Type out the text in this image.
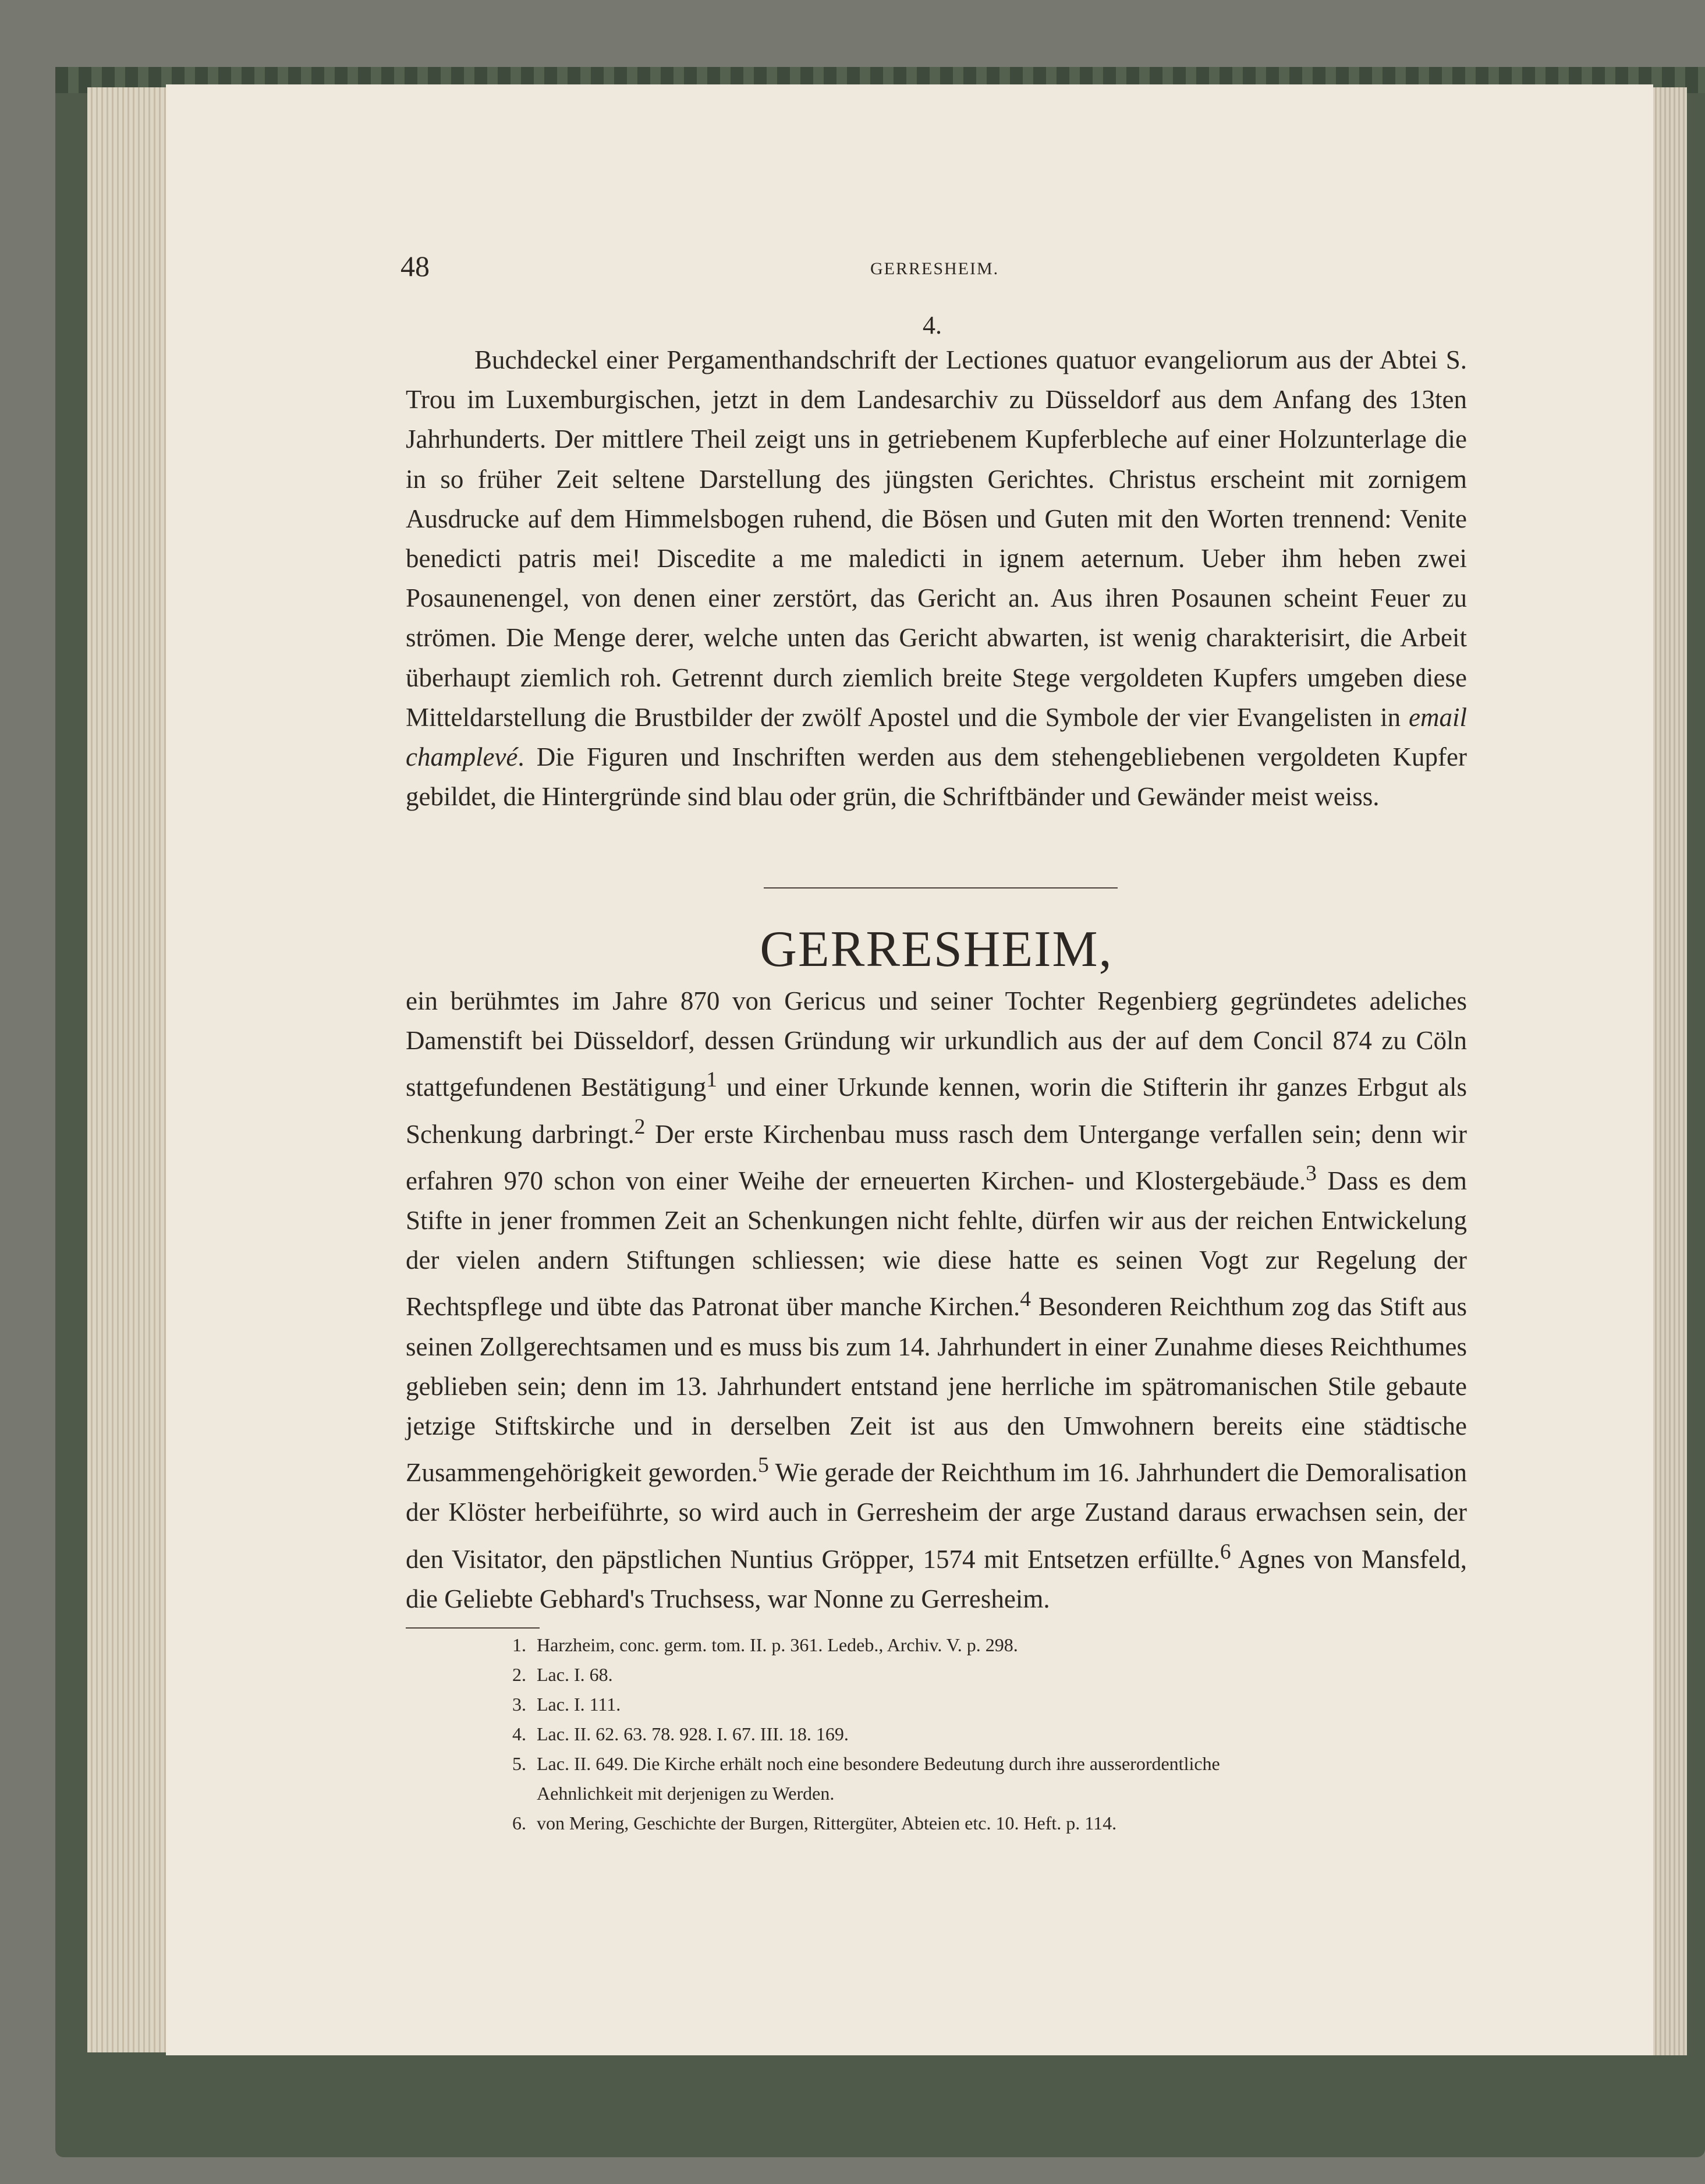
48	GERRESHEIM.
4.
Buchdeckel einer Pergamenthandschrift der Lectiones quatuor evangeliorum aus der Abtei S. Trou im Luxemburgischen, jetzt in dem Landesarchiv zu Düsseldorf aus dem Anfang des 13ten Jahrhunderts. Der mittlere Theil zeigt uns in getriebenem Kupferbleche auf einer Holzunterlage die in so früher Zeit seltene Darstellung des jüngsten Gerichtes. Christus erscheint mit zornigem Ausdrucke auf dem Himmelsbogen ruhend, die Bösen und Guten mit den Worten trennend: Venite benedicti patris mei! Discedite a me maledicti in ignem aeternum. Ueber ihm heben zwei Posaunenengel, von denen einer zerstört, das Gericht an. Aus ihren Posaunen scheint Feuer zu strömen. Die Menge derer, welche unten das Gericht abwarten, ist wenig charakterisirt, die Arbeit überhaupt ziemlich roh. Getrennt durch ziemlich breite Stege vergoldeten Kupfers umgeben diese Mitteldarstellung die Brustbilder der zwölf Apostel und die Symbole der vier Evangelisten in email champlevé. Die Figuren und Inschriften werden aus dem stehengebliebenen vergoldeten Kupfer gebildet, die Hintergründe sind blau oder grün, die Schriftbänder und Gewänder meist weiss.
GERRESHEIM,
ein berühmtes im Jahre 870 von Gericus und seiner Tochter Regenbierg gegründetes adeliches Damenstift bei Düsseldorf, dessen Gründung wir urkundlich aus der auf dem Concil 874 zu Cöln stattgefundenen Bestätigung$^1$ und einer Urkunde kennen, worin die Stifterin ihr ganzes Erbgut als Schenkung darbringt.$^2$ Der erste Kirchenbau muss rasch dem Untergange verfallen sein; denn wir erfahren 970 schon von einer Weihe der erneuerten Kirchen- und Klostergebäude.$^3$ Dass es dem Stifte in jener frommen Zeit an Schenkungen nicht fehlte, dürfen wir aus der reichen Entwickelung der vielen andern Stiftungen schliessen; wie diese hatte es seinen Vogt zur Regelung der Rechtspflege und übte das Patronat über manche Kirchen.$^4$ Besonderen Reichthum zog das Stift aus seinen Zollgerechtsamen und es muss bis zum 14. Jahrhundert in einer Zunahme dieses Reichthumes geblieben sein; denn im 13. Jahrhundert entstand jene herrliche im spätromanischen Stile gebaute jetzige Stiftskirche und in derselben Zeit ist aus den Umwohnern bereits eine städtische Zusammengehörigkeit geworden.$^5$ Wie gerade der Reichthum im 16. Jahrhundert die Demoralisation der Klöster herbeiführte, so wird auch in Gerresheim der arge Zustand daraus erwachsen sein, der den Visitator, den päpstlichen Nuntius Gröpper, 1574 mit Entsetzen erfüllte.$^6$ Agnes von Mansfeld, die Geliebte Gebhard's Truchsess, war Nonne zu Gerresheim.
1. Harzheim, conc. germ. tom. II. p. 361. Ledeb., Archiv. V. p. 298.
2. Lac. I. 68.
3. Lac. I. 111.
4. Lac. II. 62. 63. 78. 928. I. 67. III. 18. 169.
5. Lac. II. 649. Die Kirche erhält noch eine besondere Bedeutung durch ihre ausserordentliche
Aehnlichkeit mit derjenigen zu Werden.
6. von Mering, Geschichte der Burgen, Rittergüter, Abteien etc. 10. Heft. p. 114.
